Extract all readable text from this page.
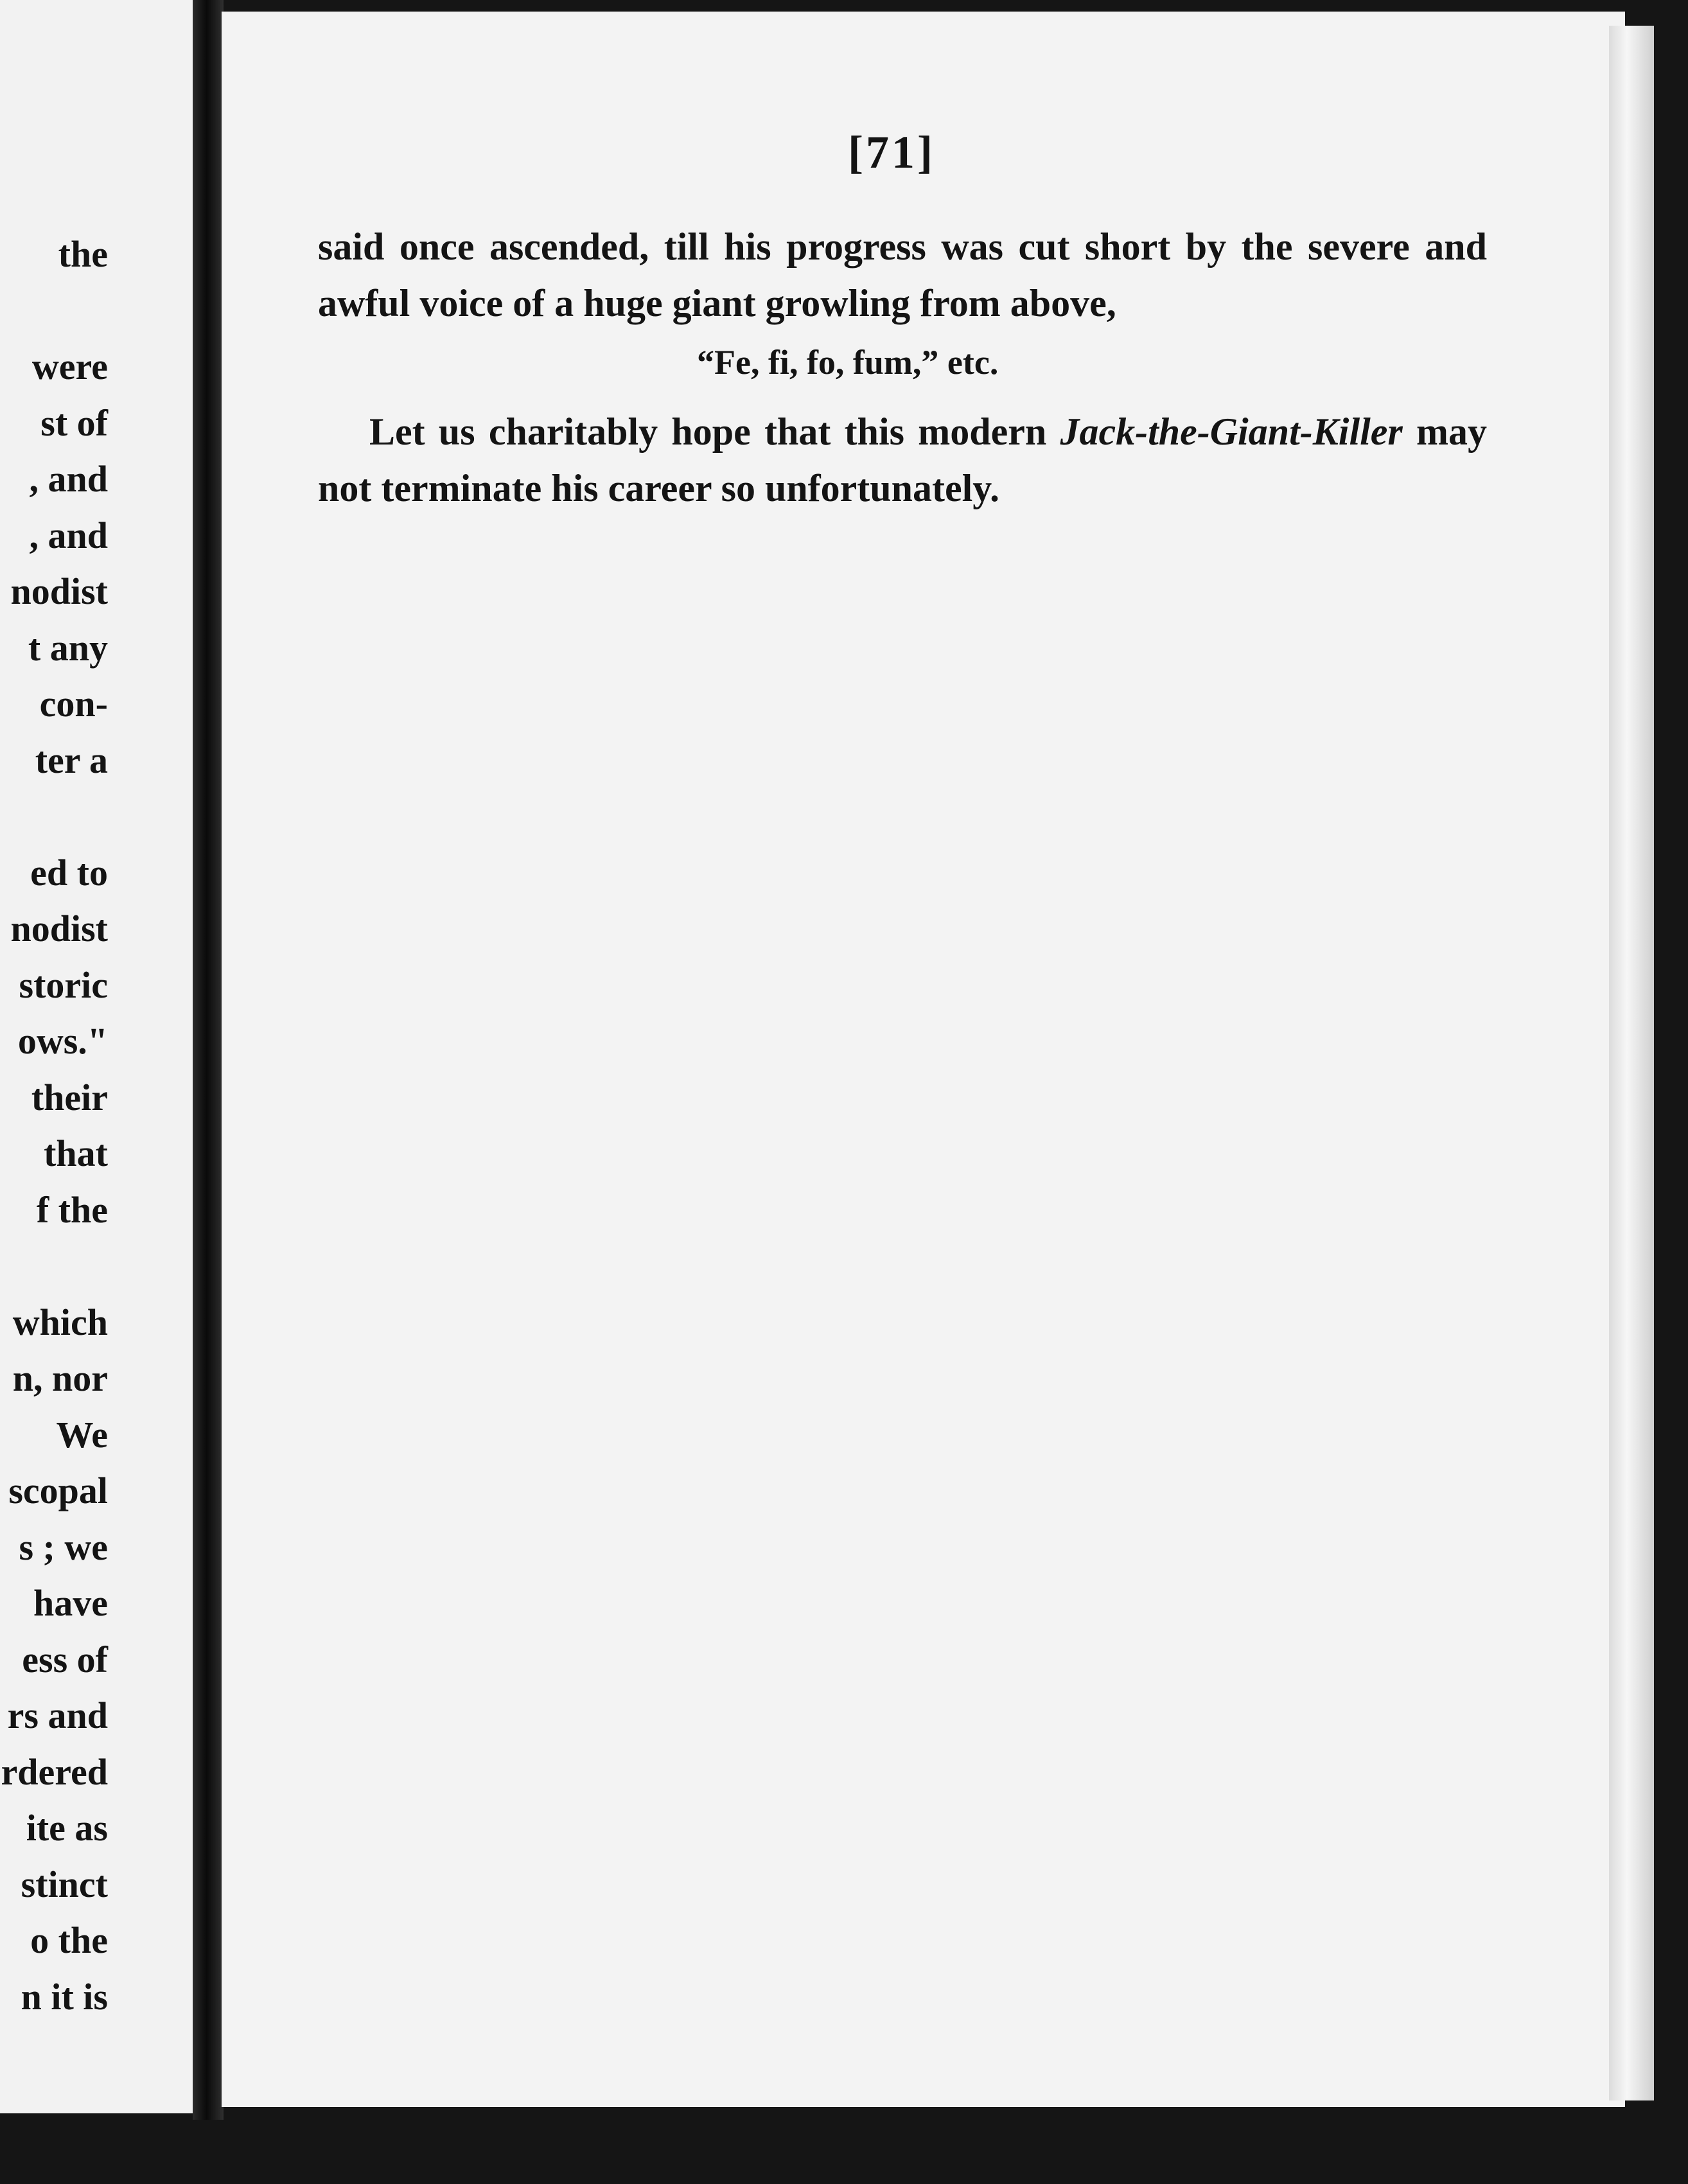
the
were
st of
, and
, and
nodist
t any
con-
ter a
ed to
nodist
storic
ows."
their
that
f the
which
n, nor
We
scopal
s ; we
have
ess of
rs and
rdered
ite as
stinct
o the
n it is
[71]

said once ascended, till his progress was cut short by the severe and awful voice of a huge giant growling from above,

“Fe, fi, fo, fum,” etc.

Let us charitably hope that this modern Jack-the-Giant-Killer may not terminate his career so unfortunately.
